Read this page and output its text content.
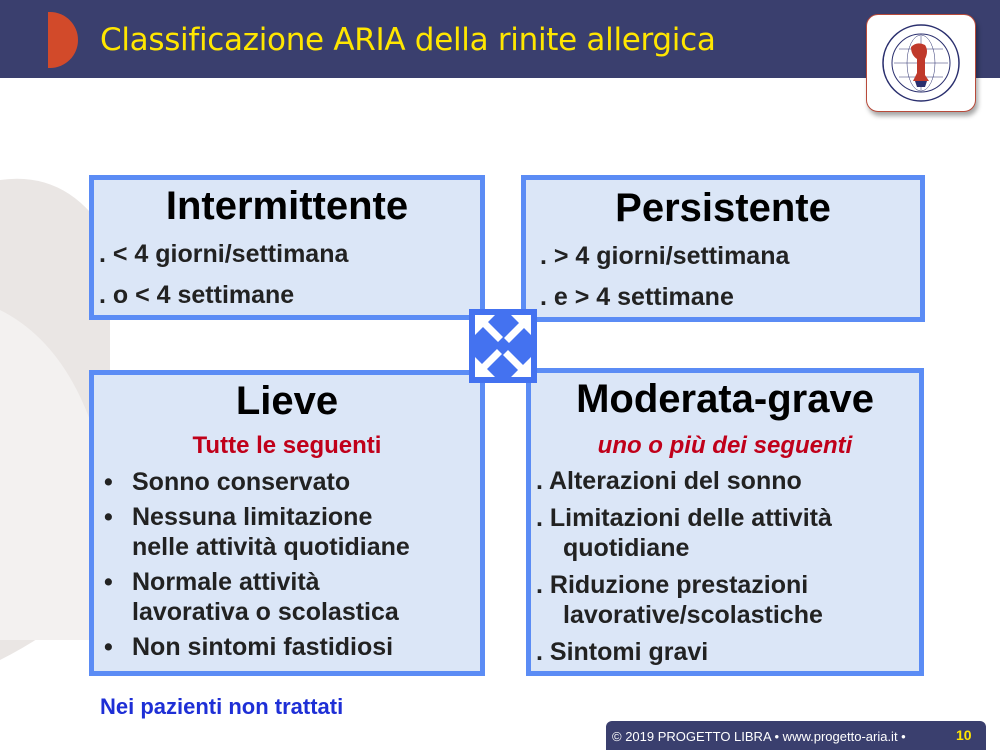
Classificazione ARIA della rinite allergica
Intermittente
. < 4 giorni/settimana
. o < 4 settimane
Persistente
. > 4 giorni/settimana
. e > 4 settimane
Lieve
Tutte le seguenti
• Sonno conservato
• Nessuna limitazione
nelle attività quotidiane
• Normale attività
lavorativa o scolastica
• Non sintomi fastidiosi
Moderata-grave
uno o più dei seguenti
. Alterazioni del sonno
. Limitazioni delle attività
quotidiane
. Riduzione prestazioni
lavorative/scolastiche
. Sintomi gravi
Nei pazienti non trattati
© 2019 PROGETTO LIBRA • www.progetto-aria.it •	10
